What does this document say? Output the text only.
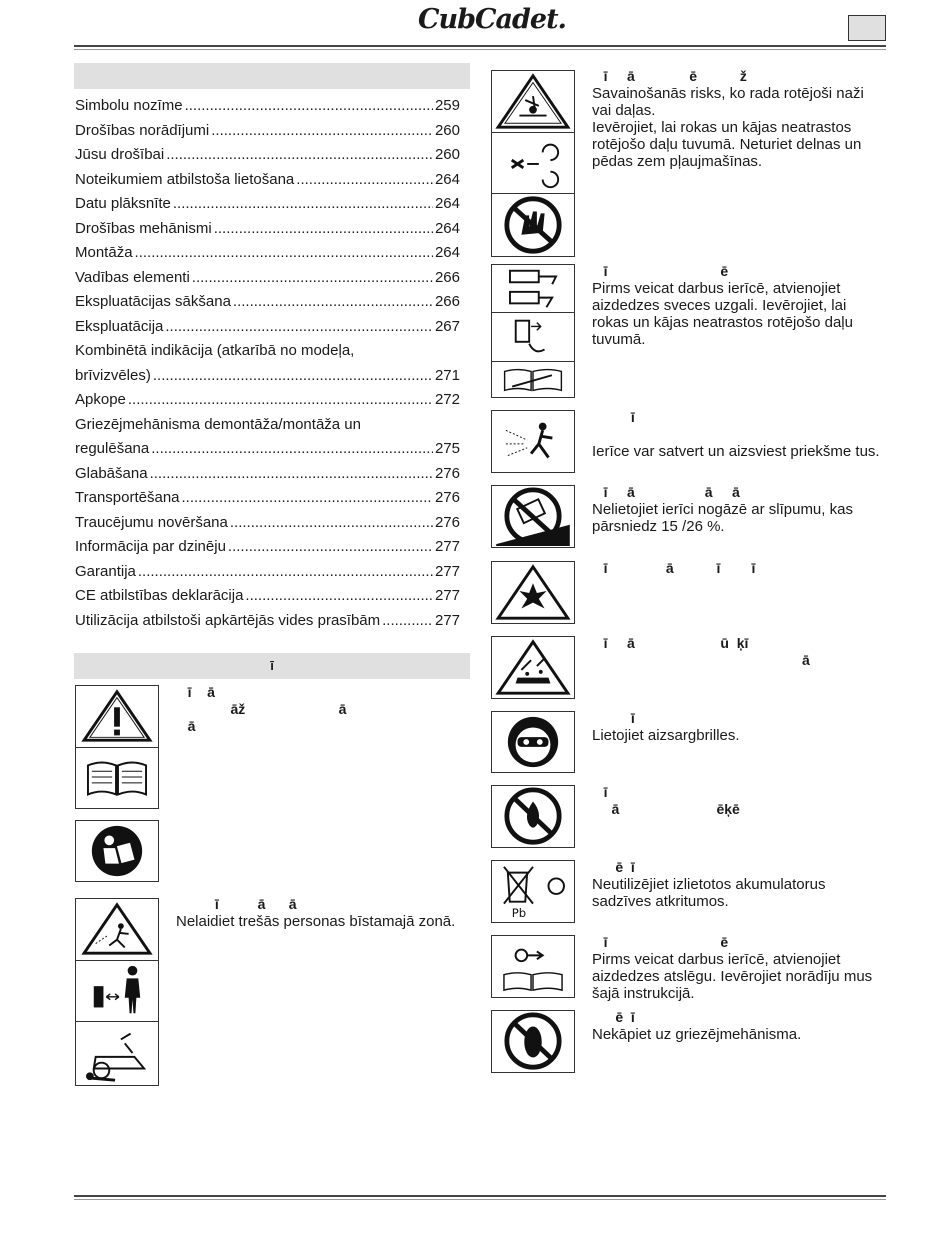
CubCadet.
Simbolu nozīme .....	259
Drošības norādījumi .....	260
Jūsu drošībai .....	260
Noteikumiem atbilstoša lietošana .....	264
Datu plāksnīte .....	264
Drošības mehānismi .....	264
Montāža .....	264
Vadības elementi .....	266
Ekspluatācijas sākšana .....	266
Ekspluatācija .....	267
Kombinētā indikācija (atkarībā no modeļa,
brīvizvēles) .....	271
Apkope .....	272
Griezējmehānisma demontāža/montāža un
regulēšana .....	275
Glabāšana .....	276
Transportēšana .....	276
Traucējumu novēršana .....	276
Informācija par dzinēju .....	277
Garantija .....	277
CE atbilstības deklarācija .....	277
Utilizācija atbilstoši apkārtējās vides prasībām .....	277
ī
ī    ā
āž                        ā
ā
ī          ā      ā
Nelaidiet trešās personas bīstamajā zonā.	Pb
ī     ā              ē           ž
Savainošanās risks, ko rada rotējoši naži vai daļas.
Ievērojiet, lai rokas un kājas neatrastos rotējošo daļu tuvumā. Neturiet delnas un pēdas zem pļaujmašīnas.
ī                             ē
Pirms veicat darbus ierīcē, atvienojiet aizdedzes sveces uzgali. Ievērojiet, lai rokas un kājas neatrastos rotējošo daļu tuvumā.
ī

Ierīce var satvert un aizsviest priekšme tus.
ī     ā                  ā     ā
Nelietojiet ierīci nogāzē ar slīpumu, kas pārsniedz 15 /26 %.
ī               ā           ī        ī
ī     ā                      ū  ķī
ā
ī
Lietojiet aizsargbrilles.
ī
ā                         ēķē
ē  ī
Neutilizējiet izlietotos akumulatorus sadzīves atkritumos.
ī                             ē
Pirms veicat darbus ierīcē, atvienojiet aizdedzes atslēgu. Ievērojiet norādīju mus šajā instrukcijā.
ē  ī
Nekāpiet uz griezējmehānisma.
